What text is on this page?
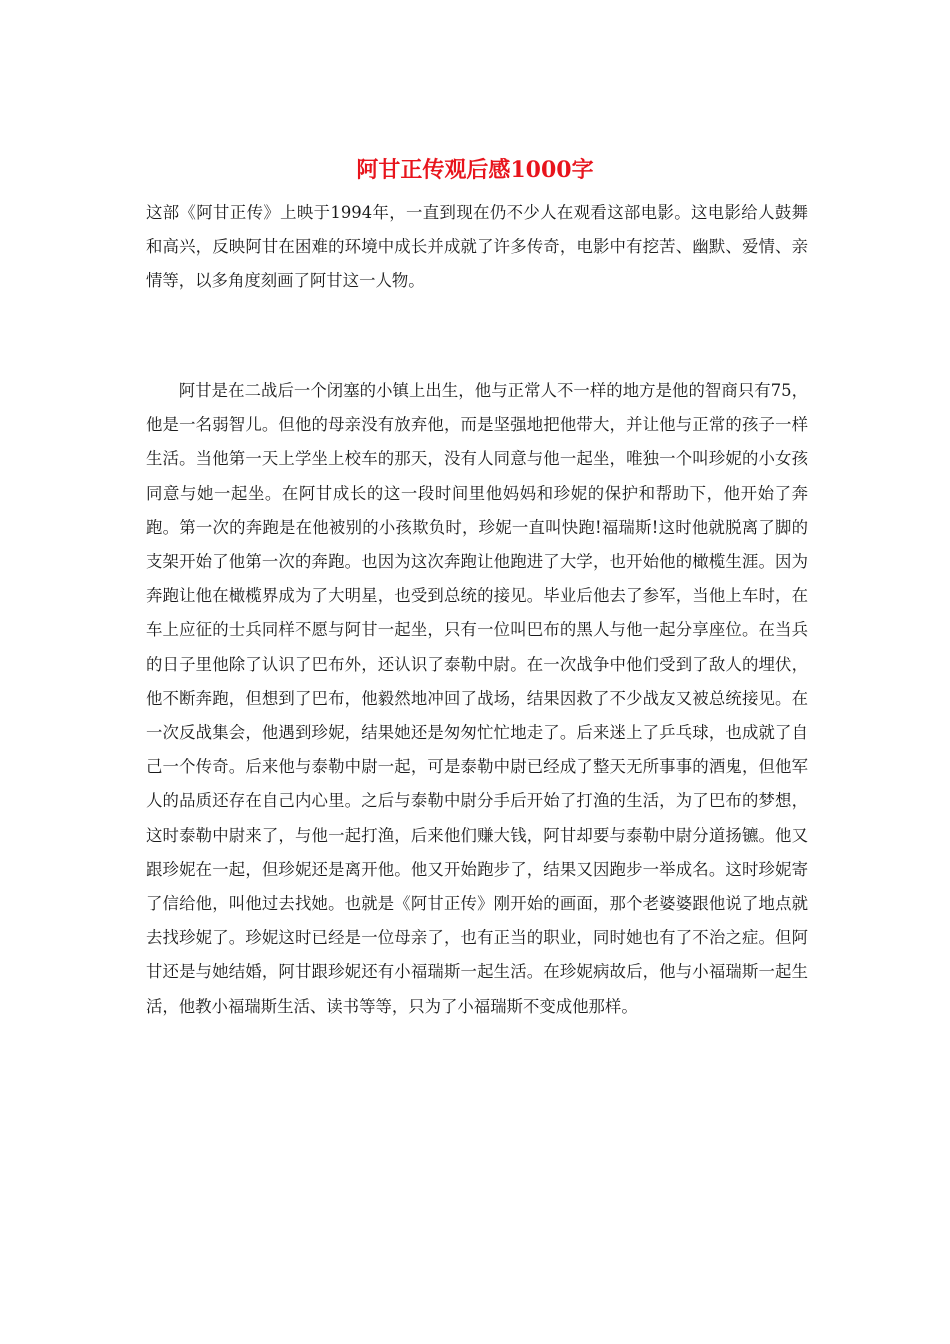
阿甘正传观后感1000字

这部《阿甘正传》上映于1994年，一直到现在仍不少人在观看这部电影。这电影给人鼓舞和高兴，反映阿甘在困难的环境中成长并成就了许多传奇，电影中有挖苦、幽默、爱情、亲情等，以多角度刻画了阿甘这一人物。

阿甘是在二战后一个闭塞的小镇上出生，他与正常人不一样的地方是他的智商只有75，他是一名弱智儿。但他的母亲没有放弃他，而是坚强地把他带大，并让他与正常的孩子一样生活。当他第一天上学坐上校车的那天，没有人同意与他一起坐，唯独一个叫珍妮的小女孩同意与她一起坐。在阿甘成长的这一段时间里他妈妈和珍妮的保护和帮助下，他开始了奔跑。第一次的奔跑是在他被别的小孩欺负时，珍妮一直叫快跑!福瑞斯!这时他就脱离了脚的支架开始了他第一次的奔跑。也因为这次奔跑让他跑进了大学，也开始他的橄榄生涯。因为奔跑让他在橄榄界成为了大明星，也受到总统的接见。毕业后他去了参军，当他上车时，在车上应征的士兵同样不愿与阿甘一起坐，只有一位叫巴布的黑人与他一起分享座位。在当兵的日子里他除了认识了巴布外，还认识了泰勒中尉。在一次战争中他们受到了敌人的埋伏，他不断奔跑，但想到了巴布，他毅然地冲回了战场，结果因救了不少战友又被总统接见。在一次反战集会，他遇到珍妮，结果她还是匆匆忙忙地走了。后来迷上了乒乓球，也成就了自己一个传奇。后来他与泰勒中尉一起，可是泰勒中尉已经成了整天无所事事的酒鬼，但他军人的品质还存在自己内心里。之后与泰勒中尉分手后开始了打渔的生活，为了巴布的梦想，这时泰勒中尉来了，与他一起打渔，后来他们赚大钱，阿甘却要与泰勒中尉分道扬镳。他又跟珍妮在一起，但珍妮还是离开他。他又开始跑步了，结果又因跑步一举成名。这时珍妮寄了信给他，叫他过去找她。也就是《阿甘正传》刚开始的画面，那个老婆婆跟他说了地点就去找珍妮了。珍妮这时已经是一位母亲了，也有正当的职业，同时她也有了不治之症。但阿甘还是与她结婚，阿甘跟珍妮还有小福瑞斯一起生活。在珍妮病故后，他与小福瑞斯一起生活，他教小福瑞斯生活、读书等等，只为了小福瑞斯不变成他那样。
